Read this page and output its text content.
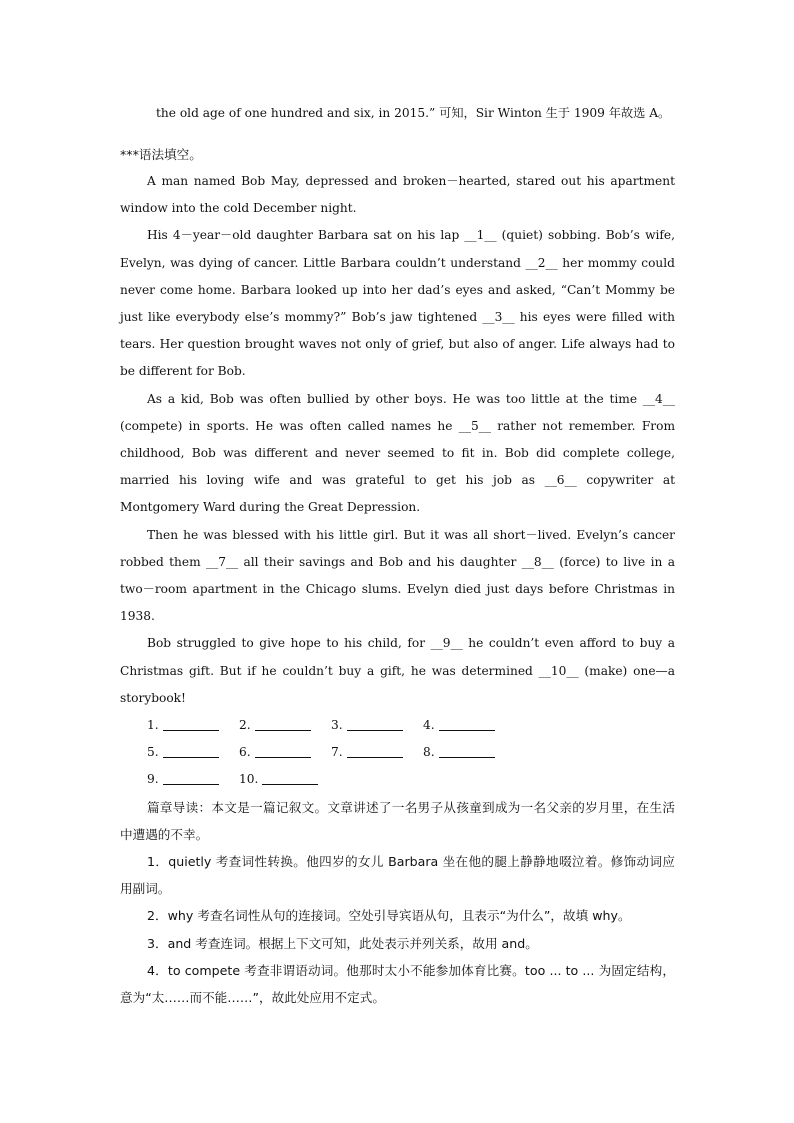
the old age of one hundred and six, in 2015.” 可知，Sir Winton 生于 1909 年故选 A。
***语法填空。

A man named Bob May, depressed and broken－hearted, stared out his apartment window into the cold December night.

His 4－year－old daughter Barbara sat on his lap __1__ (quiet) sobbing. Bob’s wife, Evelyn, was dying of cancer. Little Barbara couldn’t understand __2__ her mommy could never come home. Barbara looked up into her dad’s eyes and asked, “Can’t Mommy be just like everybody else’s mommy?” Bob’s jaw tightened __3__ his eyes were filled with tears. Her question brought waves not only of grief, but also of anger. Life always had to be different for Bob.

As a kid, Bob was often bullied by other boys. He was too little at the time __4__ (compete) in sports. He was often called names he __5__ rather not remember. From childhood, Bob was different and never seemed to fit in. Bob did complete college, married his loving wife and was grateful to get his job as __6__ copywriter at Montgomery Ward during the Great Depression.

Then he was blessed with his little girl. But it was all short－lived. Evelyn’s cancer robbed them __7__ all their savings and Bob and his daughter __8__ (force) to live in a two－room apartment in the Chicago slums. Evelyn died just days before Christmas in 1938.

Bob struggled to give hope to his child, for __9__ he couldn’t even afford to buy a Christmas gift. But if he couldn’t buy a gift, he was determined __10__ (make) one—a storybook!

1.	2.	3.	4.
5.	6.	7.	8.
9.	10.

篇章导读：本文是一篇记叙文。文章讲述了一名男子从孩童到成为一名父亲的岁月里，在生活中遭遇的不幸。

1．quietly 考查词性转换。他四岁的女儿 Barbara 坐在他的腿上静静地啜泣着。修饰动词应用副词。

2．why 考查名词性从句的连接词。空处引导宾语从句，且表示“为什么”，故填 why。

3．and 考查连词。根据上下文可知，此处表示并列关系，故用 and。

4．to compete 考查非谓语动词。他那时太小不能参加体育比赛。too ... to ... 为固定结构，意为“太……而不能……”，故此处应用不定式。
